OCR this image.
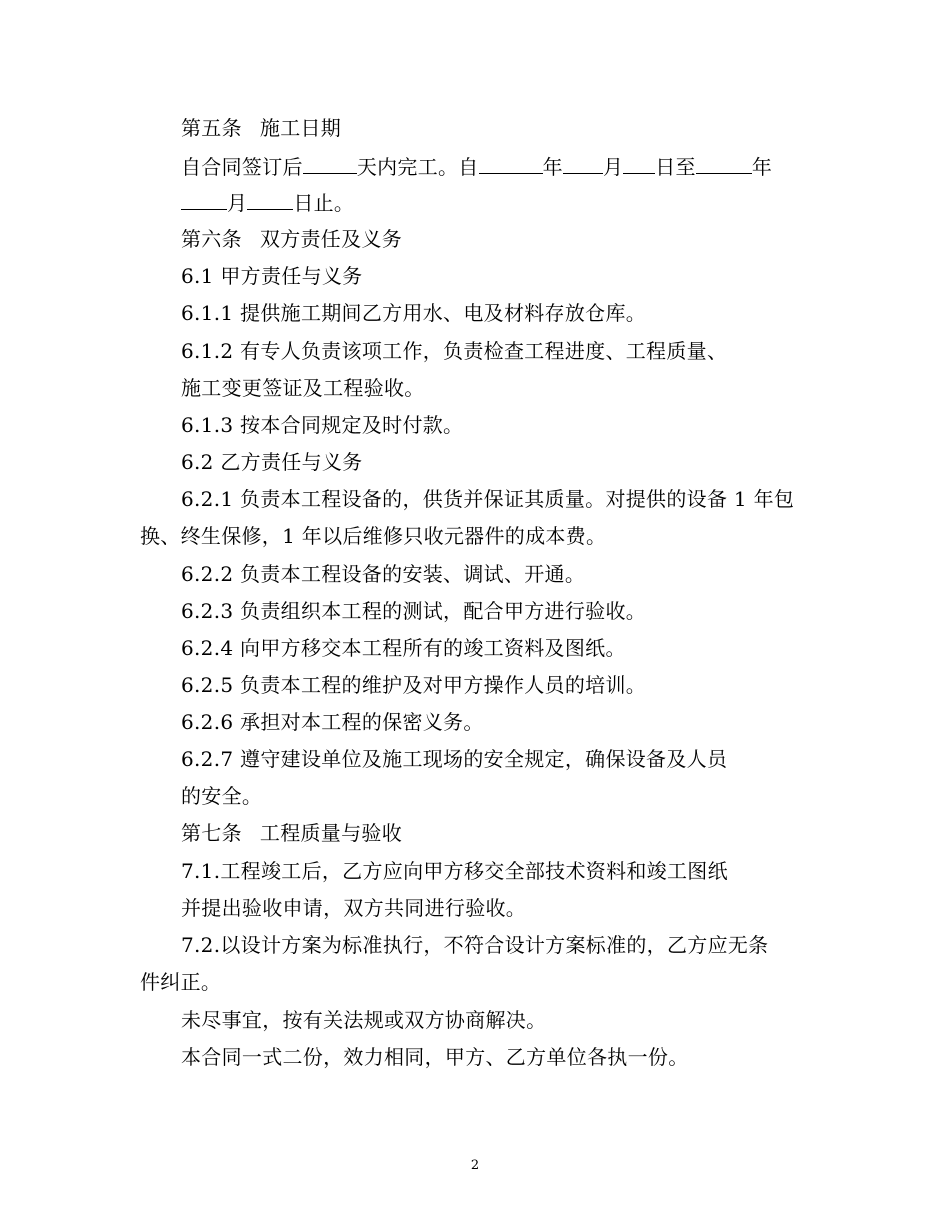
第五条 施工日期
自合同签订后	天内完工。自	年 月 日至	年
月 日止。
第六条 双方责任及义务
6.1 甲方责任与义务
6.1.1 提供施工期间乙方用水、电及材料存放仓库。
6.1.2 有专人负责该项工作，负责检查工程进度、工程质量、
施工变更签证及工程验收。
6.1.3 按本合同规定及时付款。
6.2 乙方责任与义务
6.2.1 负责本工程设备的，供货并保证其质量。对提供的设备 1 年包
换、终生保修，1 年以后维修只收元器件的成本费。
6.2.2 负责本工程设备的安装、调试、开通。
6.2.3 负责组织本工程的测试，配合甲方进行验收。
6.2.4 向甲方移交本工程所有的竣工资料及图纸。
6.2.5 负责本工程的维护及对甲方操作人员的培训。
6.2.6 承担对本工程的保密义务。
6.2.7 遵守建设单位及施工现场的安全规定，确保设备及人员
的安全。
第七条 工程质量与验收
7.1.工程竣工后，乙方应向甲方移交全部技术资料和竣工图纸
并提出验收申请，双方共同进行验收。
7.2.以设计方案为标准执行，不符合设计方案标准的，乙方应无条
件纠正。
未尽事宜，按有关法规或双方协商解决。
本合同一式二份，效力相同，甲方、乙方单位各执一份。
2
